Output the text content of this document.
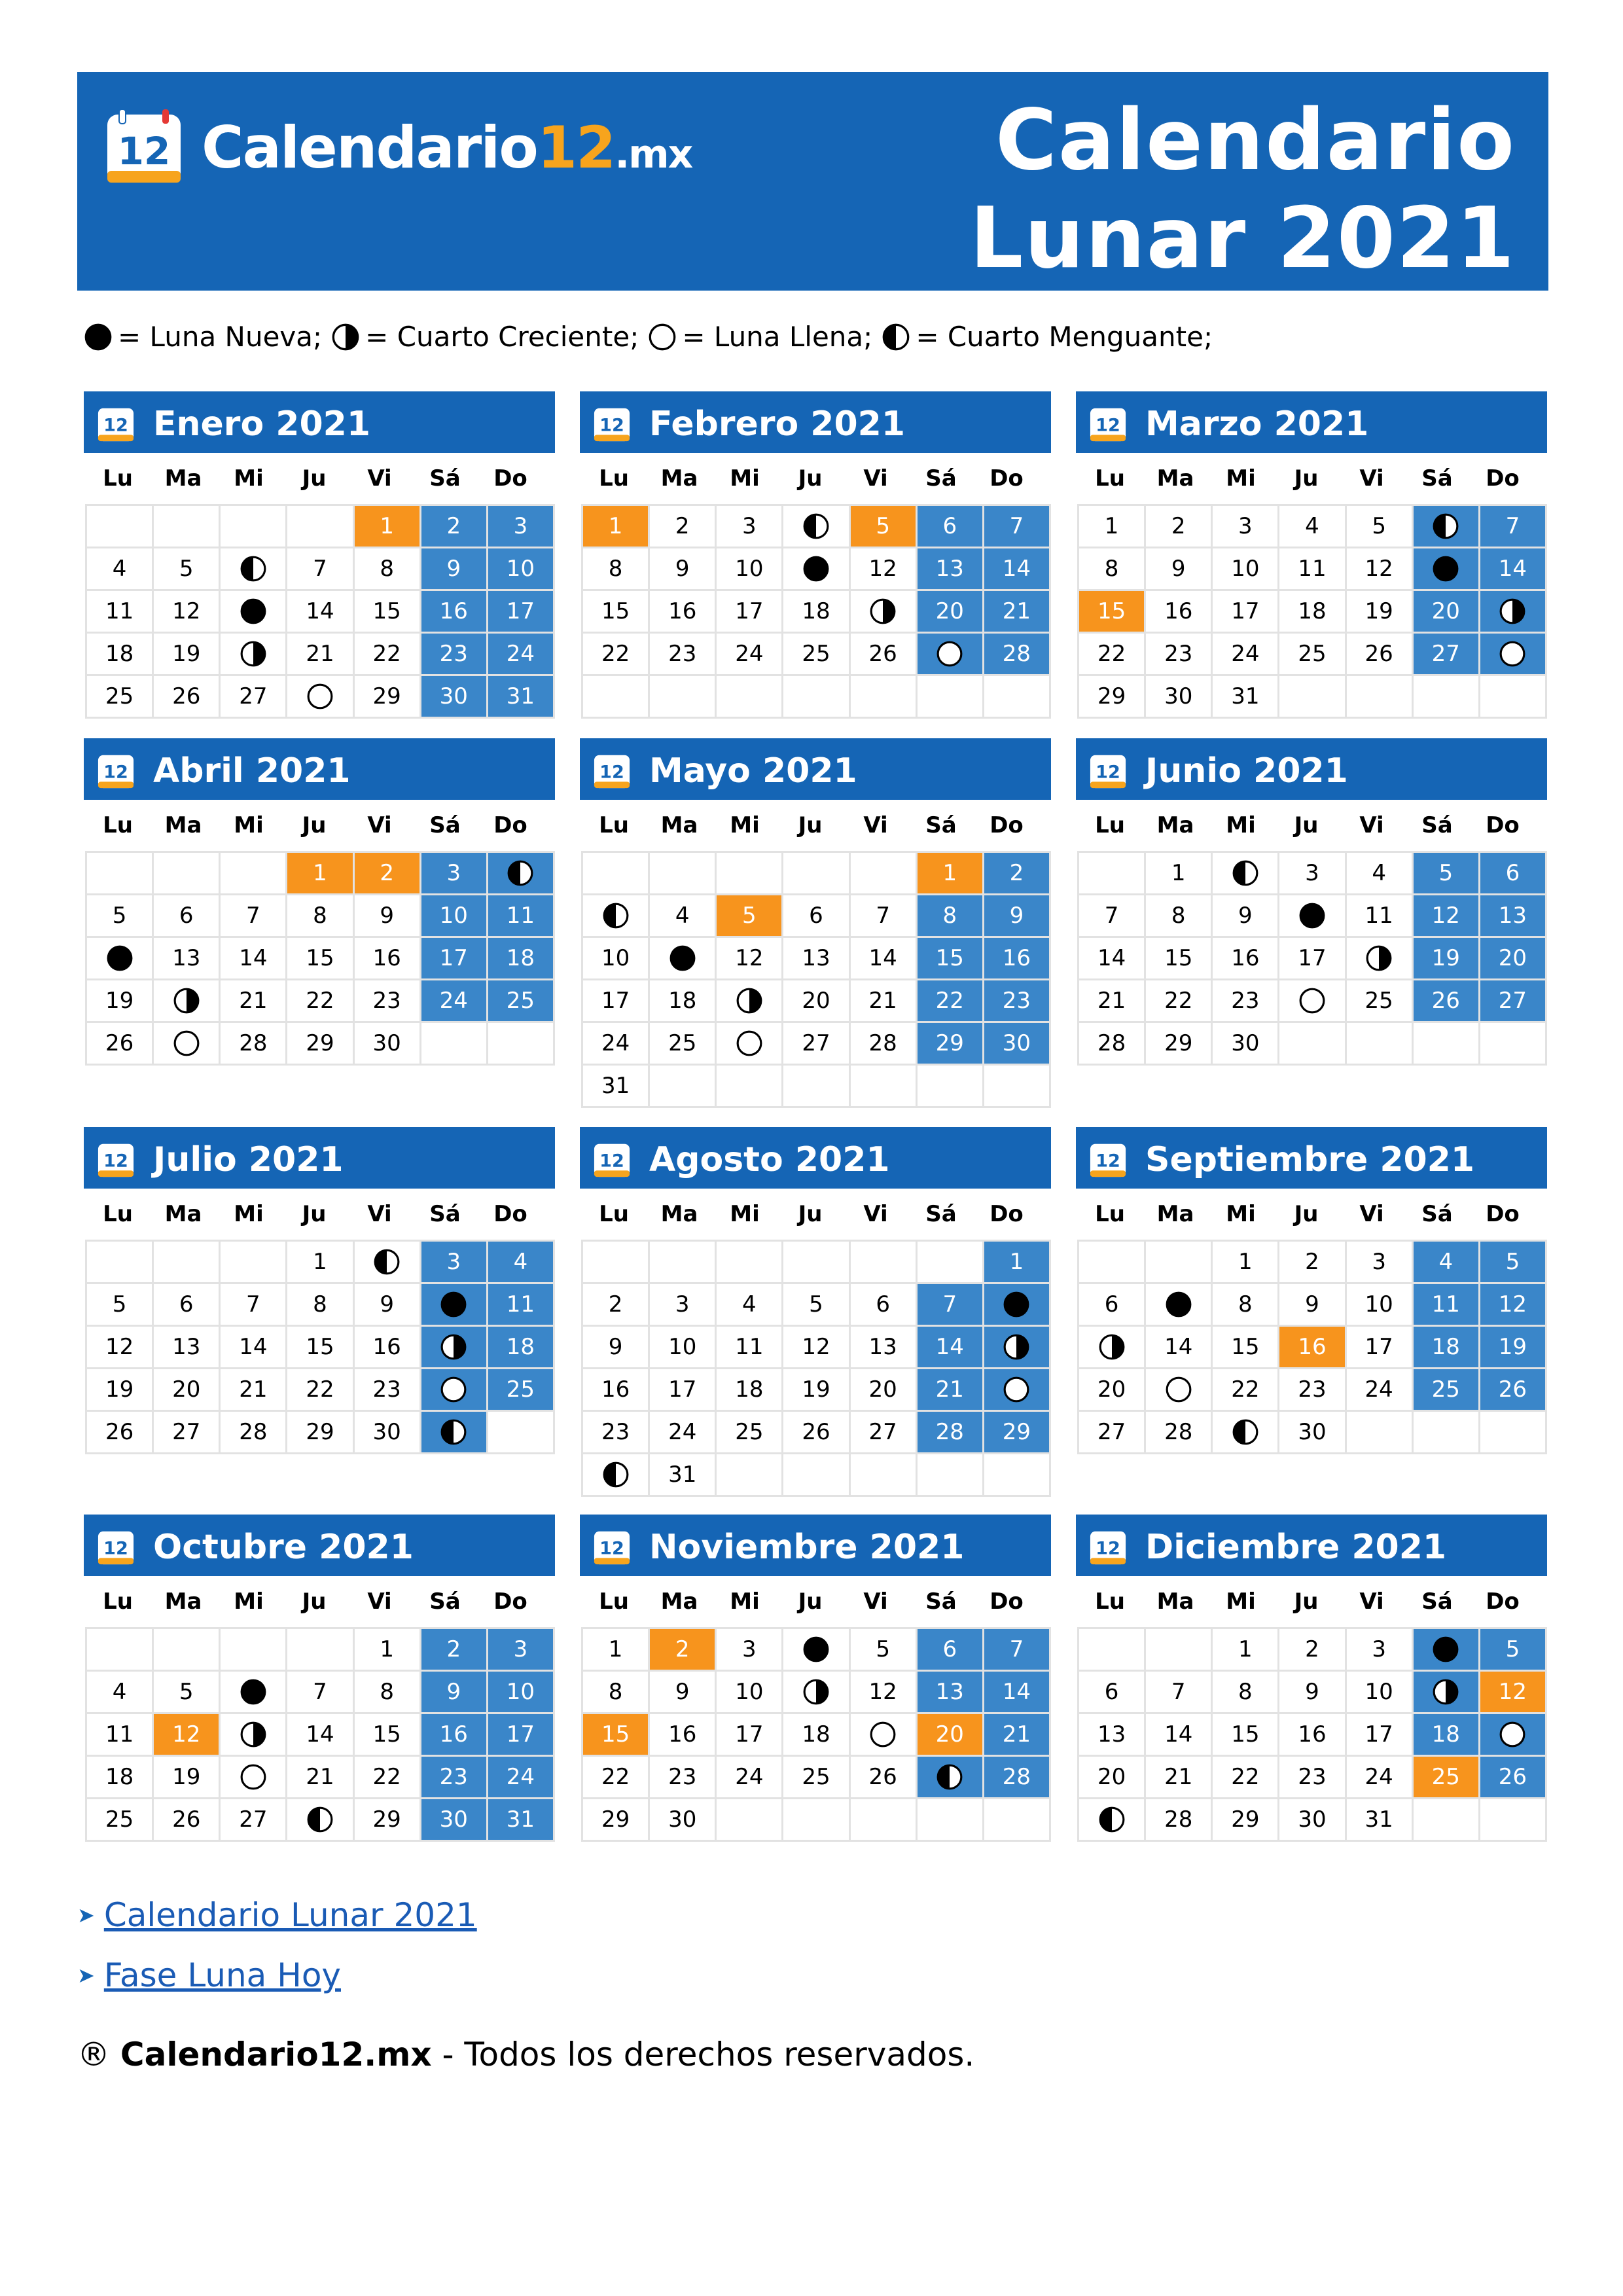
12 Calendario12.mx	Calendario
Lunar 2021
= Luna Nueva; = Cuarto Creciente; = Luna Llena; = Cuarto Menguante;
12 Enero 2021
Lu	Ma	Mi	Ju	Vi	Sá	Do
				1	2	3
4	5		7	8	9	10
11	12		14	15	16	17
18	19		21	22	23	24
25	26	27		29	30	31
12 Febrero 2021
Lu	Ma	Mi	Ju	Vi	Sá	Do
1	2	3		5	6	7
8	9	10		12	13	14
15	16	17	18		20	21
22	23	24	25	26		28

12 Marzo 2021
Lu	Ma	Mi	Ju	Vi	Sá	Do
1	2	3	4	5		7
8	9	10	11	12		14
15	16	17	18	19	20	

22	23	24	25	26	27	

29	30	31				
12 Abril 2021
Lu	Ma	Mi	Ju	Vi	Sá	Do
			1	2	3	

5	6	7	8	9	10	11

	13	14	15	16	17	18
19		21	22	23	24	25
26		28	29	30		
12 Mayo 2021
Lu	Ma	Mi	Ju	Vi	Sá	Do
					1	2

	4	5	6	7	8	9
10		12	13	14	15	16
17	18		20	21	22	23
24	25		27	28	29	30
31						
12 Junio 2021
Lu	Ma	Mi	Ju	Vi	Sá	Do
	1		3	4	5	6
7	8	9		11	12	13
14	15	16	17		19	20
21	22	23		25	26	27
28	29	30				
12 Julio 2021
Lu	Ma	Mi	Ju	Vi	Sá	Do
			1		3	4
5	6	7	8	9		11
12	13	14	15	16		18
19	20	21	22	23		25
26	27	28	29	30	

12 Agosto 2021
Lu	Ma	Mi	Ju	Vi	Sá	Do
						1
2	3	4	5	6	7	

9	10	11	12	13	14	

16	17	18	19	20	21	

23	24	25	26	27	28	29

	31					
12 Septiembre 2021
Lu	Ma	Mi	Ju	Vi	Sá	Do
		1	2	3	4	5
6		8	9	10	11	12

	14	15	16	17	18	19
20		22	23	24	25	26
27	28		30			
12 Octubre 2021
Lu	Ma	Mi	Ju	Vi	Sá	Do
				1	2	3
4	5		7	8	9	10
11	12		14	15	16	17
18	19		21	22	23	24
25	26	27		29	30	31
12 Noviembre 2021
Lu	Ma	Mi	Ju	Vi	Sá	Do
1	2	3		5	6	7
8	9	10		12	13	14
15	16	17	18		20	21
22	23	24	25	26		28
29	30					
12 Diciembre 2021
Lu	Ma	Mi	Ju	Vi	Sá	Do
		1	2	3		5
6	7	8	9	10		12
13	14	15	16	17	18	

20	21	22	23	24	25	26

	28	29	30	31		
➤ Calendario Lunar 2021
➤ Fase Luna Hoy
® Calendario12.mx - Todos los derechos reservados.
